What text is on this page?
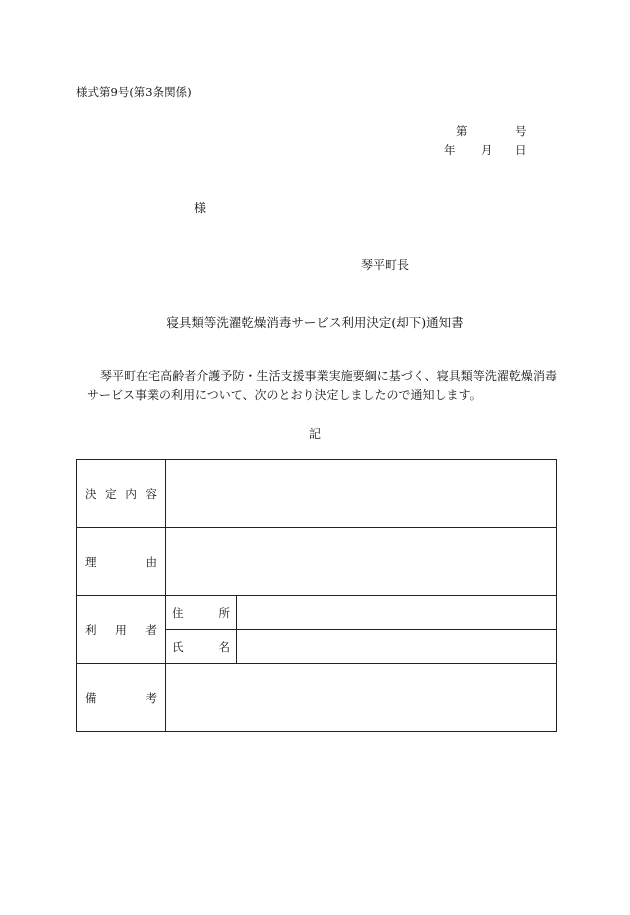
様式第9号(第3条関係)
第	号
年 月 日
様
琴平町長
寝具類等洗濯乾燥消毒サービス利用決定(却下)通知書
琴平町在宅高齢者介護予防・生活支援事業実施要綱に基づく、寝具類等洗濯乾燥消毒サービス事業の利用について、次のとおり決定しましたので通知します。
記
決 定 内 容		

理 由		

利 用 者	住 所	

	氏 名	

備 考		
